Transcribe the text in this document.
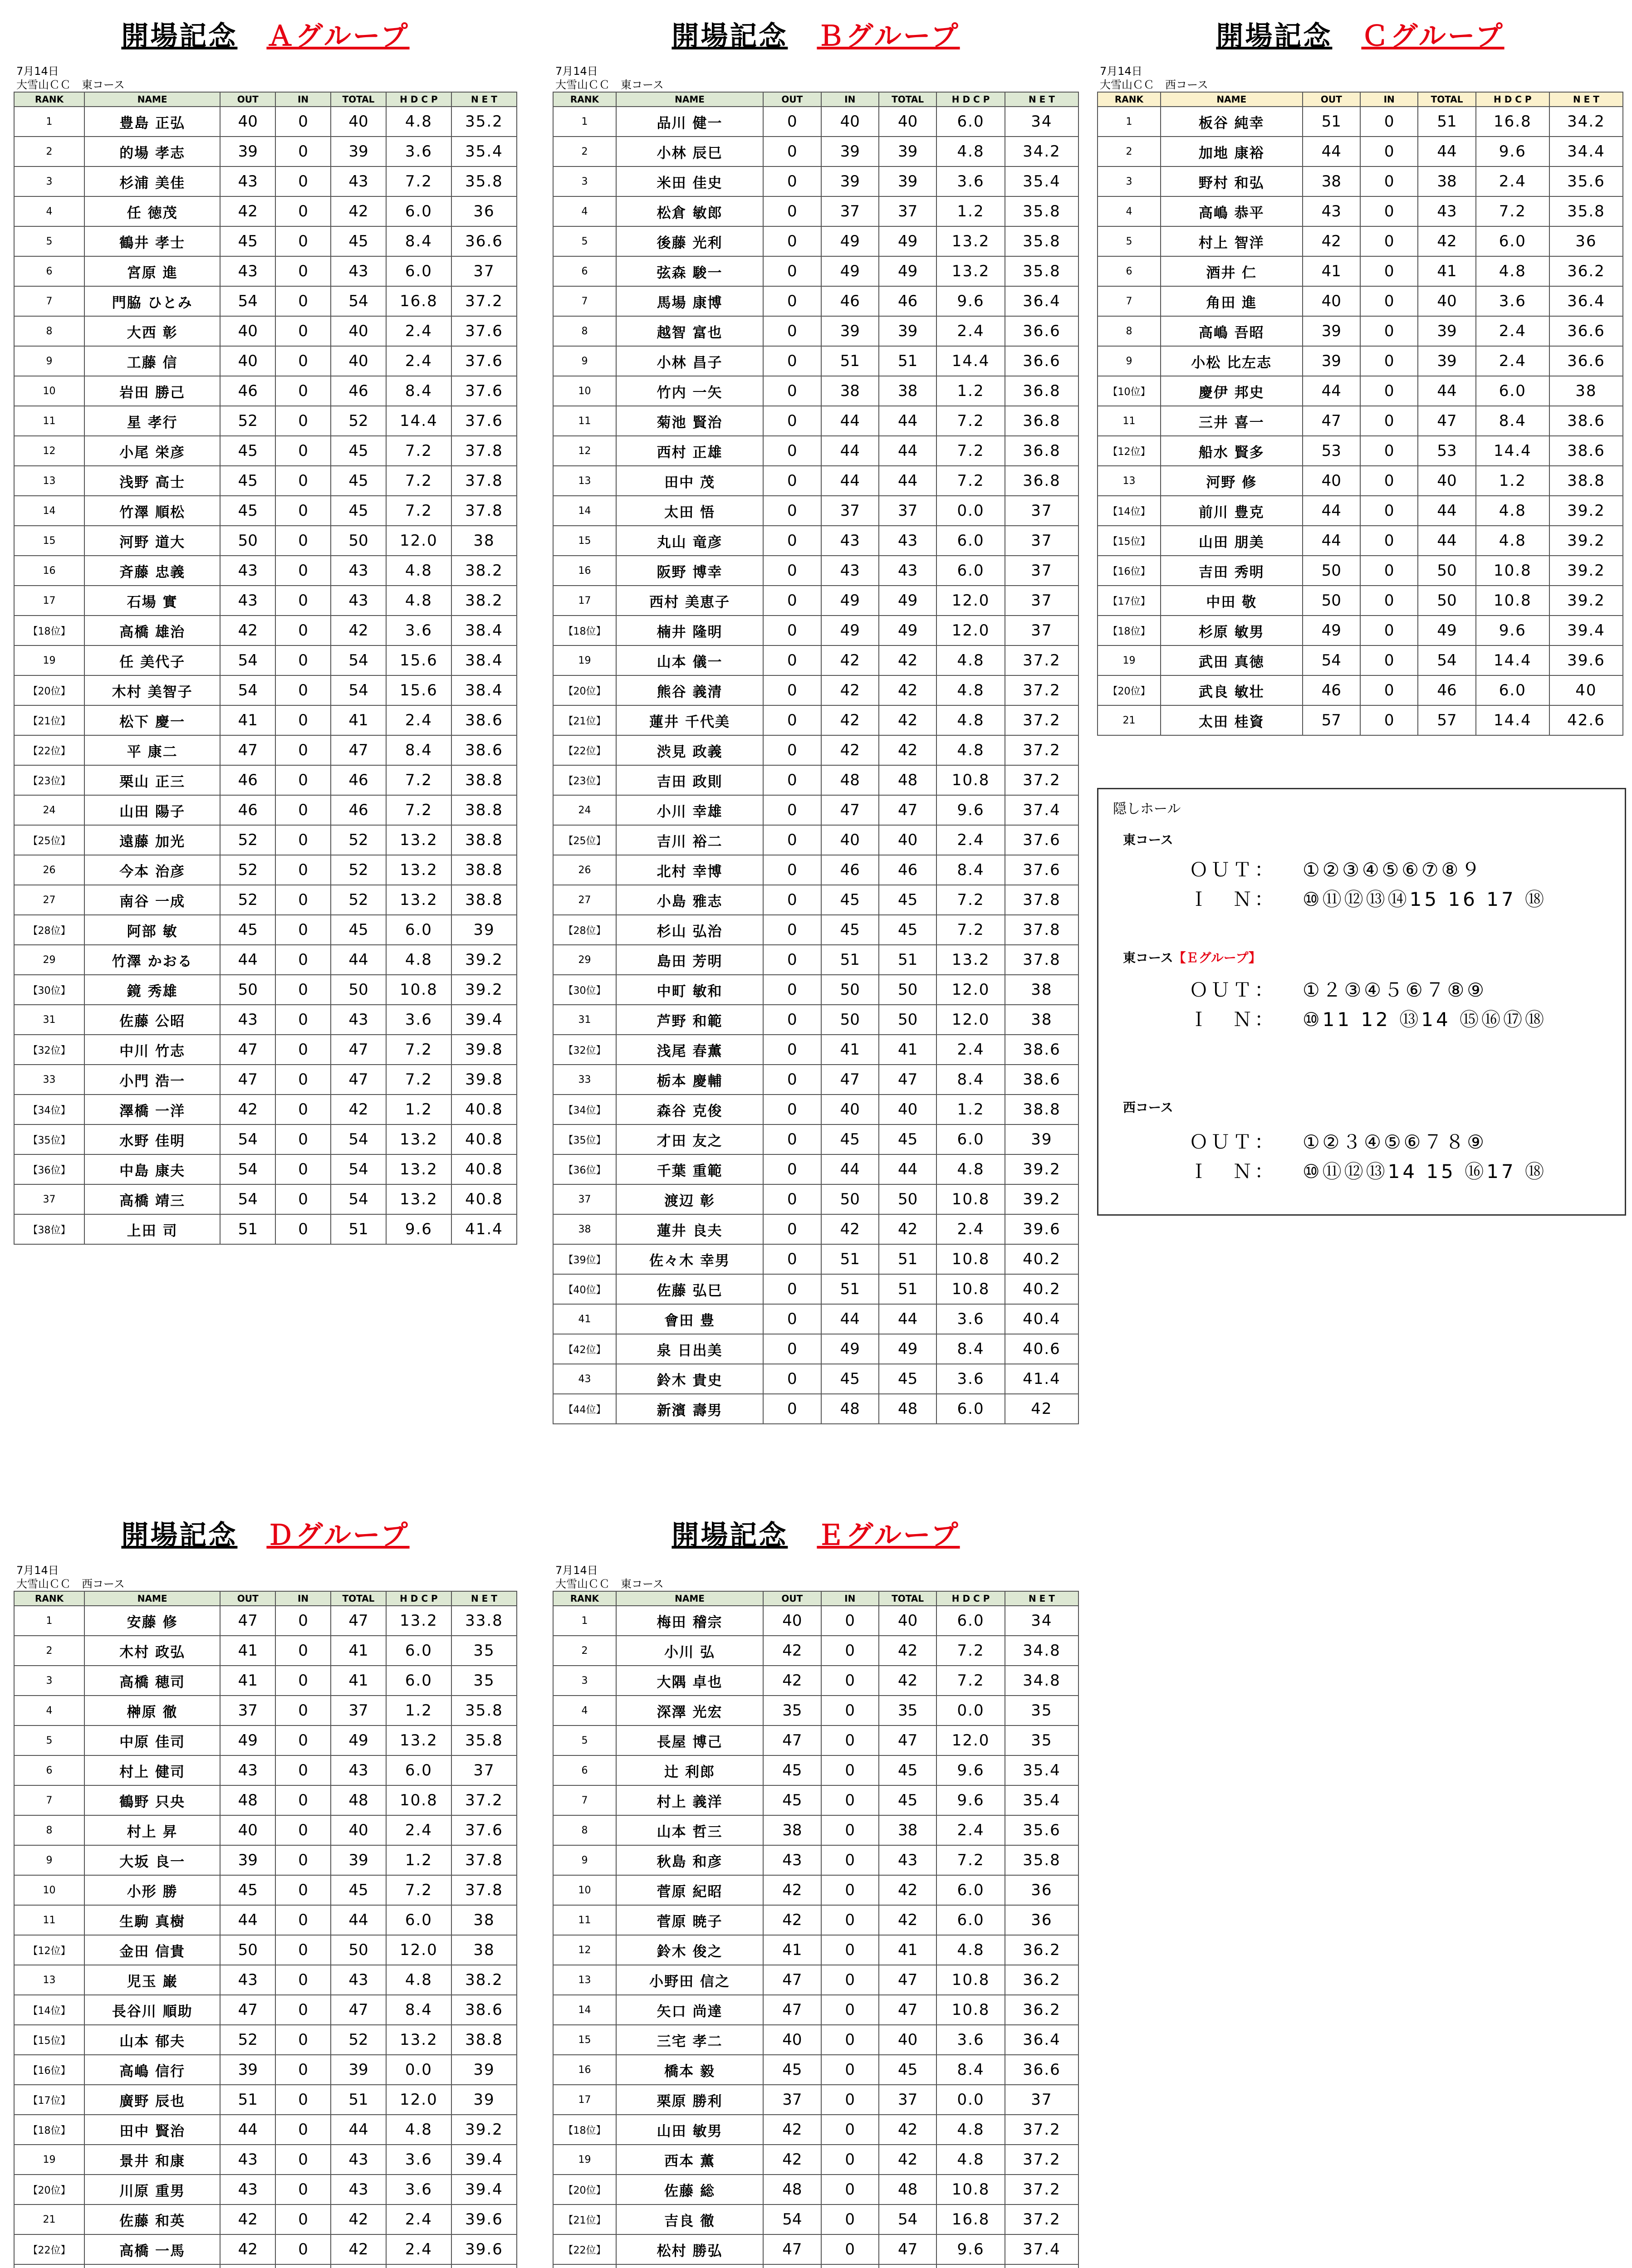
開場記念　 Ａグループ
7月14日
大雪山ＣＣ　東コース
RANK	NAME	OUT	IN	TOTAL	H D C P	N E T
1	豊島 正弘	40	0	40	4.8	35.2
2	的場 孝志	39	0	39	3.6	35.4
3	杉浦 美佳	43	0	43	7.2	35.8
4	任 徳茂	42	0	42	6.0	36
5	鶴井 孝士	45	0	45	8.4	36.6
6	宮原 進	43	0	43	6.0	37
7	門脇 ひとみ	54	0	54	16.8	37.2
8	大西 彰	40	0	40	2.4	37.6
9	工藤 信	40	0	40	2.4	37.6
10	岩田 勝己	46	0	46	8.4	37.6
11	星 孝行	52	0	52	14.4	37.6
12	小尾 栄彦	45	0	45	7.2	37.8
13	浅野 高士	45	0	45	7.2	37.8
14	竹澤 順松	45	0	45	7.2	37.8
15	河野 道大	50	0	50	12.0	38
16	斉藤 忠義	43	0	43	4.8	38.2
17	石場 實	43	0	43	4.8	38.2
【18位】	高橋 雄治	42	0	42	3.6	38.4
19	任 美代子	54	0	54	15.6	38.4
【20位】	木村 美智子	54	0	54	15.6	38.4
【21位】	松下 慶一	41	0	41	2.4	38.6
【22位】	平 康二	47	0	47	8.4	38.6
【23位】	栗山 正三	46	0	46	7.2	38.8
24	山田 陽子	46	0	46	7.2	38.8
【25位】	遠藤 加光	52	0	52	13.2	38.8
26	今本 治彦	52	0	52	13.2	38.8
27	南谷 一成	52	0	52	13.2	38.8
【28位】	阿部 敏	45	0	45	6.0	39
29	竹澤 かおる	44	0	44	4.8	39.2
【30位】	鏡 秀雄	50	0	50	10.8	39.2
31	佐藤 公昭	43	0	43	3.6	39.4
【32位】	中川 竹志	47	0	47	7.2	39.8
33	小門 浩一	47	0	47	7.2	39.8
【34位】	澤橋 一洋	42	0	42	1.2	40.8
【35位】	水野 佳明	54	0	54	13.2	40.8
【36位】	中島 康夫	54	0	54	13.2	40.8
37	高橋 靖三	54	0	54	13.2	40.8
【38位】	上田 司	51	0	51	9.6	41.4
開場記念　 Ｂグループ
7月14日
大雪山ＣＣ　東コース
RANK	NAME	OUT	IN	TOTAL	H D C P	N E T
1	品川 健一	0	40	40	6.0	34
2	小林 辰巳	0	39	39	4.8	34.2
3	米田 佳史	0	39	39	3.6	35.4
4	松倉 敏郎	0	37	37	1.2	35.8
5	後藤 光利	0	49	49	13.2	35.8
6	弦森 駿一	0	49	49	13.2	35.8
7	馬場 康博	0	46	46	9.6	36.4
8	越智 富也	0	39	39	2.4	36.6
9	小林 昌子	0	51	51	14.4	36.6
10	竹内 一矢	0	38	38	1.2	36.8
11	菊池 賢治	0	44	44	7.2	36.8
12	西村 正雄	0	44	44	7.2	36.8
13	田中 茂	0	44	44	7.2	36.8
14	太田 悟	0	37	37	0.0	37
15	丸山 竜彦	0	43	43	6.0	37
16	阪野 博幸	0	43	43	6.0	37
17	西村 美恵子	0	49	49	12.0	37
【18位】	楠井 隆明	0	49	49	12.0	37
19	山本 儀一	0	42	42	4.8	37.2
【20位】	熊谷 義清	0	42	42	4.8	37.2
【21位】	蓮井 千代美	0	42	42	4.8	37.2
【22位】	渋見 政義	0	42	42	4.8	37.2
【23位】	吉田 政則	0	48	48	10.8	37.2
24	小川 幸雄	0	47	47	9.6	37.4
【25位】	吉川 裕二	0	40	40	2.4	37.6
26	北村 幸博	0	46	46	8.4	37.6
27	小島 雅志	0	45	45	7.2	37.8
【28位】	杉山 弘治	0	45	45	7.2	37.8
29	島田 芳明	0	51	51	13.2	37.8
【30位】	中町 敏和	0	50	50	12.0	38
31	芦野 和範	0	50	50	12.0	38
【32位】	浅尾 春薫	0	41	41	2.4	38.6
33	栃本 慶輔	0	47	47	8.4	38.6
【34位】	森谷 克俊	0	40	40	1.2	38.8
【35位】	才田 友之	0	45	45	6.0	39
【36位】	千葉 重範	0	44	44	4.8	39.2
37	渡辺 彰	0	50	50	10.8	39.2
38	蓮井 良夫	0	42	42	2.4	39.6
【39位】	佐々木 幸男	0	51	51	10.8	40.2
【40位】	佐藤 弘巳	0	51	51	10.8	40.2
41	會田 豊	0	44	44	3.6	40.4
【42位】	泉 日出美	0	49	49	8.4	40.6
43	鈴木 貴史	0	45	45	3.6	41.4
【44位】	新濱 壽男	0	48	48	6.0	42
開場記念　 Ｃグループ
7月14日
大雪山ＣＣ　西コース
RANK	NAME	OUT	IN	TOTAL	H D C P	N E T
1	板谷 純幸	51	0	51	16.8	34.2
2	加地 康裕	44	0	44	9.6	34.4
3	野村 和弘	38	0	38	2.4	35.6
4	高嶋 恭平	43	0	43	7.2	35.8
5	村上 智洋	42	0	42	6.0	36
6	酒井 仁	41	0	41	4.8	36.2
7	角田 進	40	0	40	3.6	36.4
8	高嶋 吾昭	39	0	39	2.4	36.6
9	小松 比左志	39	0	39	2.4	36.6
【10位】	慶伊 邦史	44	0	44	6.0	38
11	三井 喜一	47	0	47	8.4	38.6
【12位】	船水 賢多	53	0	53	14.4	38.6
13	河野 修	40	0	40	1.2	38.8
【14位】	前川 豊克	44	0	44	4.8	39.2
【15位】	山田 朋美	44	0	44	4.8	39.2
【16位】	吉田 秀明	50	0	50	10.8	39.2
【17位】	中田 敬	50	0	50	10.8	39.2
【18位】	杉原 敏男	49	0	49	9.6	39.4
19	武田 真徳	54	0	54	14.4	39.6
【20位】	武良 敏壮	46	0	46	6.0	40
21	太田 桂資	57	0	57	14.4	42.6
隠しホール
東コース
ＯＵＴ： ①②③④⑤⑥⑦⑧９
Ｉ　Ｎ： ⑩⑪⑫⑬⑭15 16 17 ⑱
東コース【Ｅグループ】
ＯＵＴ： ①２③④５⑥７⑧⑨
Ｉ　Ｎ： ⑩11 12 ⑬14 ⑮⑯⑰⑱
西コース
ＯＵＴ： ①②３④⑤⑥７８⑨
Ｉ　Ｎ： ⑩⑪⑫⑬14 15 ⑯17 ⑱
開場記念　 Ｄグループ
7月14日
大雪山ＣＣ　西コース
RANK	NAME	OUT	IN	TOTAL	H D C P	N E T
1	安藤 修	47	0	47	13.2	33.8
2	木村 政弘	41	0	41	6.0	35
3	高橋 穂司	41	0	41	6.0	35
4	榊原 徹	37	0	37	1.2	35.8
5	中原 佳司	49	0	49	13.2	35.8
6	村上 健司	43	0	43	6.0	37
7	鶴野 只央	48	0	48	10.8	37.2
8	村上 昇	40	0	40	2.4	37.6
9	大坂 良一	39	0	39	1.2	37.8
10	小形 勝	45	0	45	7.2	37.8
11	生駒 真樹	44	0	44	6.0	38
【12位】	金田 信貴	50	0	50	12.0	38
13	児玉 巌	43	0	43	4.8	38.2
【14位】	長谷川 順助	47	0	47	8.4	38.6
【15位】	山本 郁夫	52	0	52	13.2	38.8
【16位】	高嶋 信行	39	0	39	0.0	39
【17位】	廣野 辰也	51	0	51	12.0	39
【18位】	田中 賢治	44	0	44	4.8	39.2
19	景井 和康	43	0	43	3.6	39.4
【20位】	川原 重男	43	0	43	3.6	39.4
21	佐藤 和英	42	0	42	2.4	39.6
【22位】	高橋 一馬	42	0	42	2.4	39.6

開場記念　 Ｅグループ
7月14日
大雪山ＣＣ　東コース
RANK	NAME	OUT	IN	TOTAL	H D C P	N E T
1	梅田 稽宗	40	0	40	6.0	34
2	小川 弘	42	0	42	7.2	34.8
3	大隅 卓也	42	0	42	7.2	34.8
4	深澤 光宏	35	0	35	0.0	35
5	長屋 博己	47	0	47	12.0	35
6	辻 利郎	45	0	45	9.6	35.4
7	村上 義洋	45	0	45	9.6	35.4
8	山本 哲三	38	0	38	2.4	35.6
9	秋島 和彦	43	0	43	7.2	35.8
10	菅原 紀昭	42	0	42	6.0	36
11	菅原 暁子	42	0	42	6.0	36
12	鈴木 俊之	41	0	41	4.8	36.2
13	小野田 信之	47	0	47	10.8	36.2
14	矢口 尚達	47	0	47	10.8	36.2
15	三宅 孝二	40	0	40	3.6	36.4
16	橋本 毅	45	0	45	8.4	36.6
17	栗原 勝利	37	0	37	0.0	37
【18位】	山田 敏男	42	0	42	4.8	37.2
19	西本 薫	42	0	42	4.8	37.2
【20位】	佐藤 総	48	0	48	10.8	37.2
【21位】	吉良 徹	54	0	54	16.8	37.2
【22位】	松村 勝弘	47	0	47	9.6	37.4
